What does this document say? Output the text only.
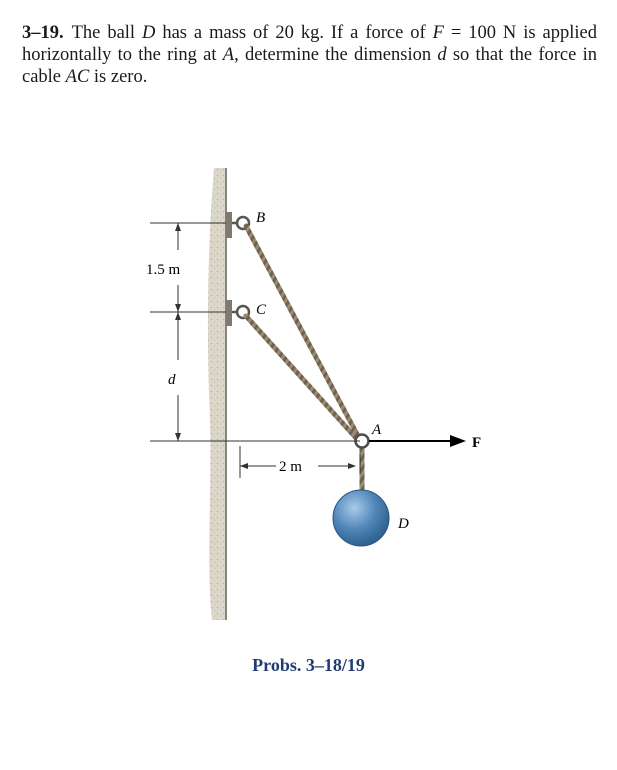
3–19. The ball D has a mass of 20 kg. If a force of F = 100 N is applied horizontally to the ring at A, determine the dimension d so that the force in cable AC is zero.
B
C
A
D
F
1.5 m
d
2 m
Probs. 3–18/19
